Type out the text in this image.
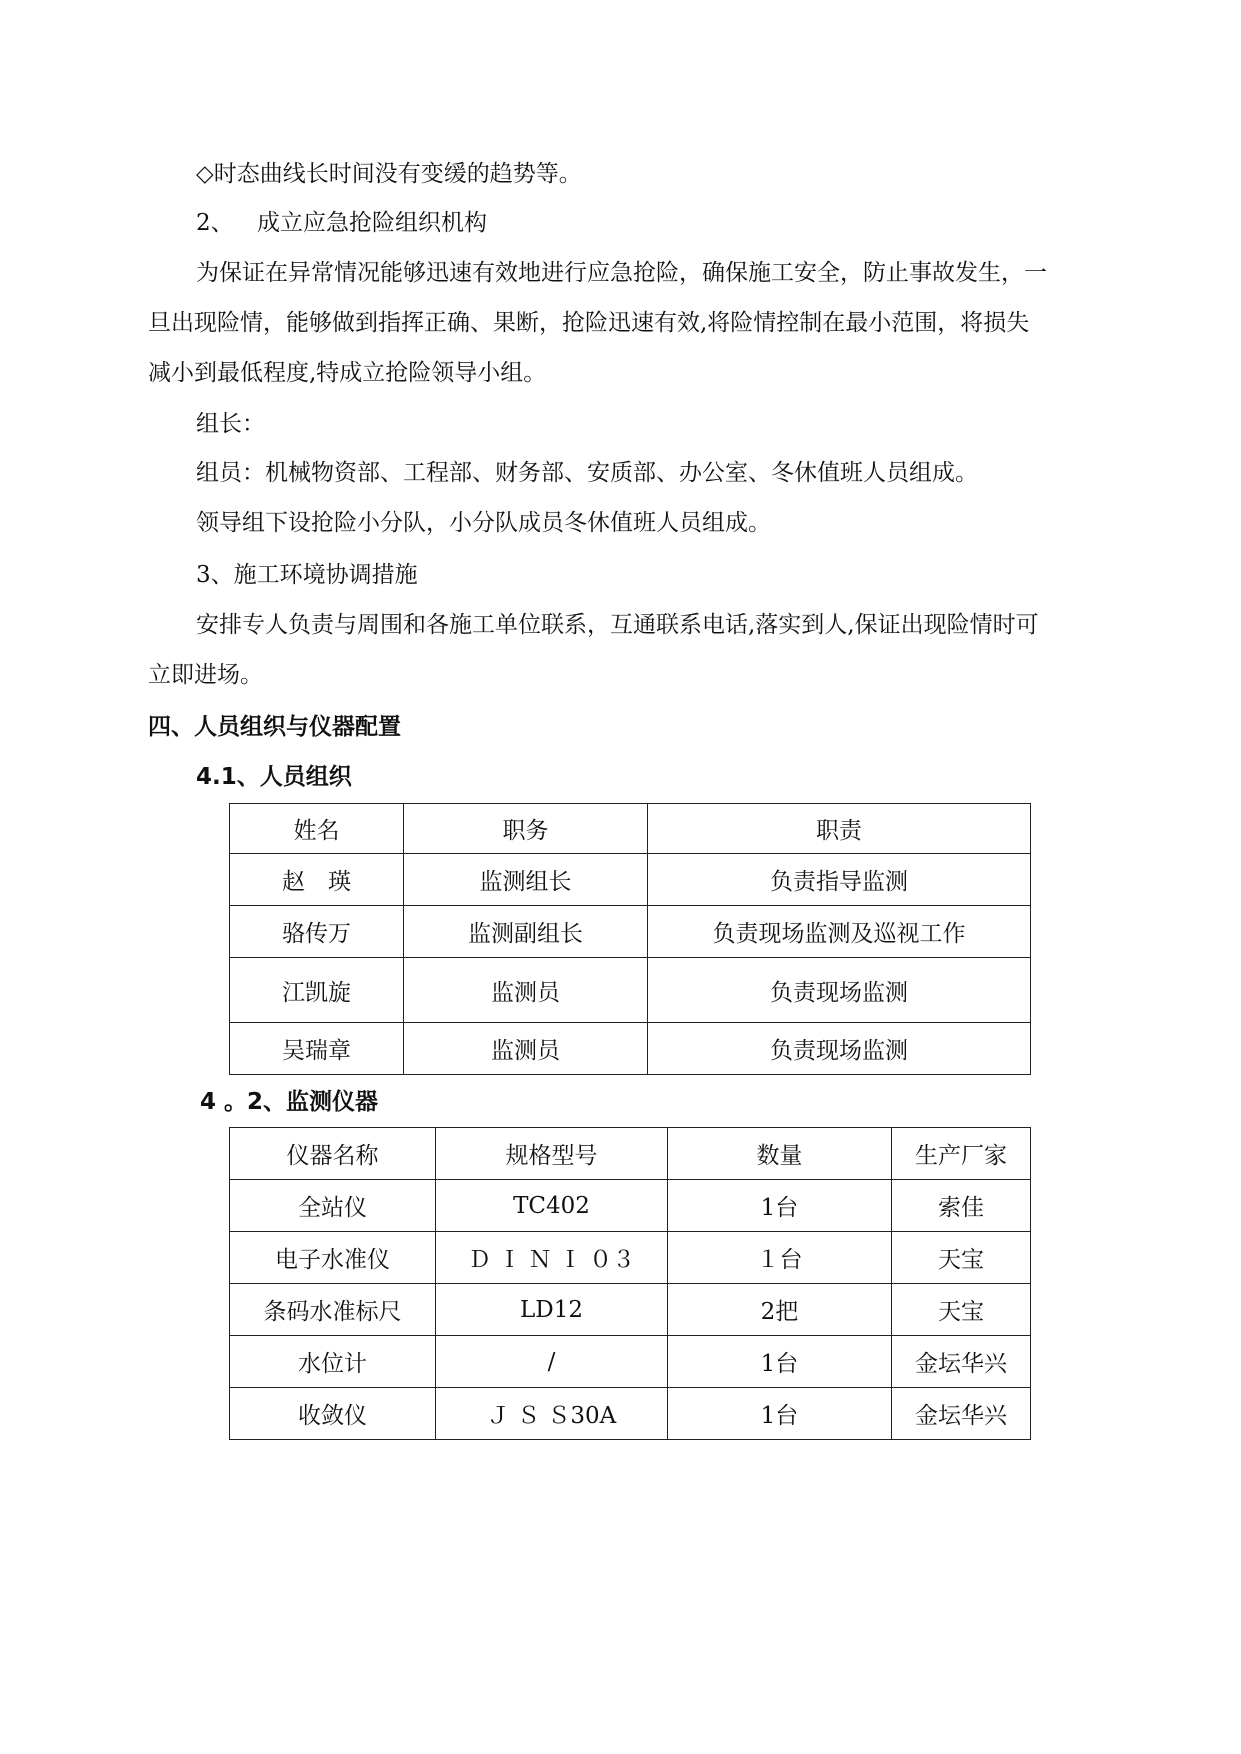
◇时态曲线长时间没有变缓的趋势等。

2、 成立应急抢险组织机构

为保证在异常情况能够迅速有效地进行应急抢险，确保施工安全，防止事故发生，一

旦出现险情，能够做到指挥正确、果断，抢险迅速有效,将险情控制在最小范围，将损失

减小到最低程度,特成立抢险领导小组。

组长：

组员：机械物资部、工程部、财务部、安质部、办公室、冬休值班人员组成。

领导组下设抢险小分队，小分队成员冬休值班人员组成。

3、施工环境协调措施

安排专人负责与周围和各施工单位联系，互通联系电话,落实到人,保证出现险情时可

立即进场。

四、人员组织与仪器配置

4.1、人员组织

姓名	职务	职责
赵　瑛	监测组长	负责指导监测
骆传万	监测副组长	负责现场监测及巡视工作
江凯旋	监测员	负责现场监测
吴瑞章	监测员	负责现场监测

4 。2、监测仪器

仪器名称	规格型号	数量	生产厂家
全站仪	TC402	1台	索佳
电子水准仪	Ｄ Ｉ Ｎ Ｉ ０３	１台	天宝
条码水准标尺	LD12	2把	天宝
水位计	/	1台	金坛华兴
收敛仪	Ｊ Ｓ Ｓ30A	1台	金坛华兴
